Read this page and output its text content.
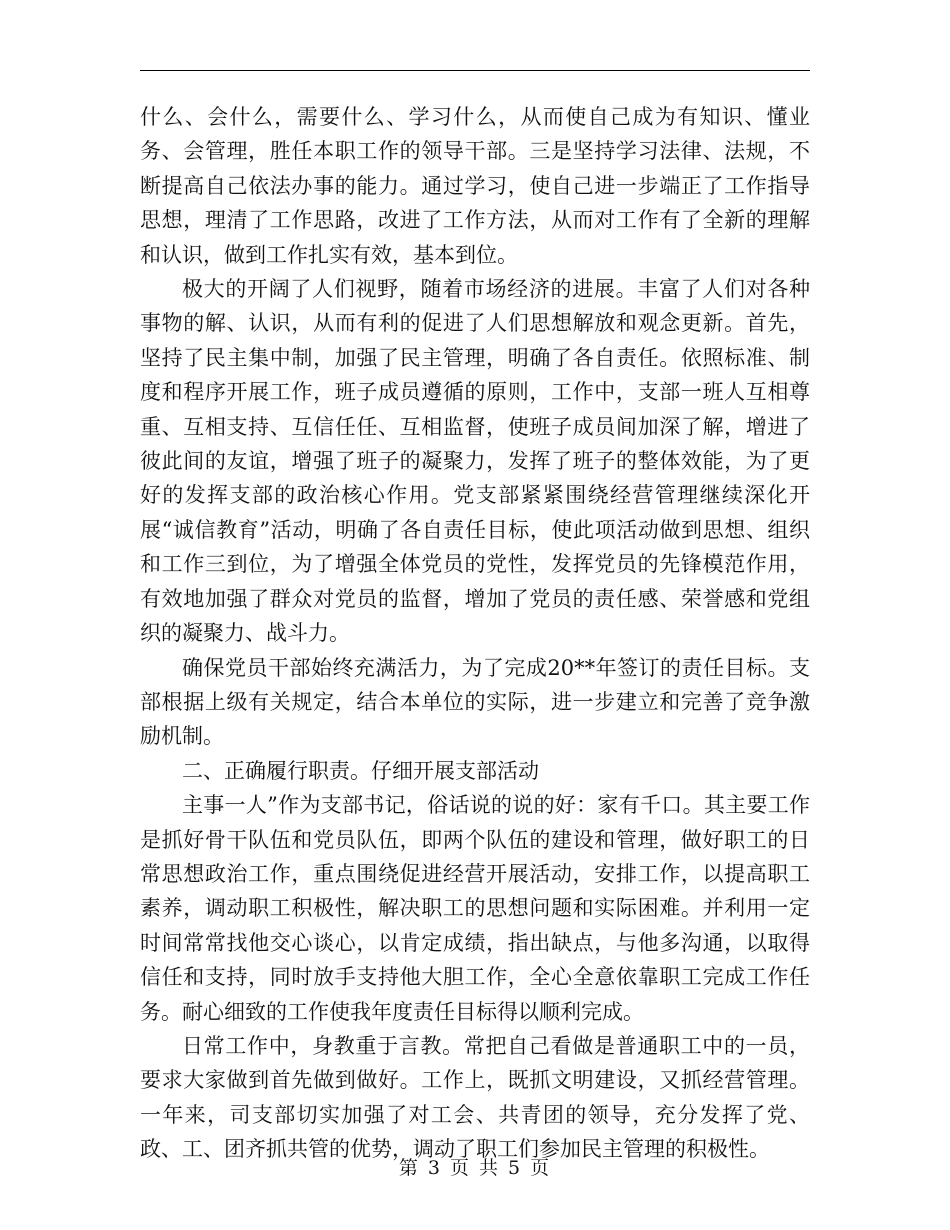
什么、会什么，需要什么、学习什么，从而使自己成为有知识、懂业务、会管理，胜任本职工作的领导干部。三是坚持学习法律、法规，不断提高自己依法办事的能力。通过学习，使自己进一步端正了工作指导思想，理清了工作思路，改进了工作方法，从而对工作有了全新的理解和认识，做到工作扎实有效，基本到位。

极大的开阔了人们视野，随着市场经济的进展。丰富了人们对各种事物的解、认识，从而有利的促进了人们思想解放和观念更新。首先，坚持了民主集中制，加强了民主管理，明确了各自责任。依照标准、制度和程序开展工作，班子成员遵循的原则，工作中，支部一班人互相尊重、互相支持、互信任任、互相监督，使班子成员间加深了解，增进了彼此间的友谊，增强了班子的凝聚力，发挥了班子的整体效能，为了更好的发挥支部的政治核心作用。党支部紧紧围绕经营管理继续深化开展“诚信教育”活动，明确了各自责任目标，使此项活动做到思想、组织和工作三到位，为了增强全体党员的党性，发挥党员的先锋模范作用，有效地加强了群众对党员的监督，增加了党员的责任感、荣誉感和党组织的凝聚力、战斗力。

确保党员干部始终充满活力，为了完成20**年签订的责任目标。支部根据上级有关规定，结合本单位的实际，进一步建立和完善了竞争激励机制。

二、正确履行职责。仔细开展支部活动

主事一人”作为支部书记，俗话说的说的好：家有千口。其主要工作是抓好骨干队伍和党员队伍，即两个队伍的建设和管理，做好职工的日常思想政治工作，重点围绕促进经营开展活动，安排工作，以提高职工素养，调动职工积极性，解决职工的思想问题和实际困难。并利用一定时间常常找他交心谈心，以肯定成绩，指出缺点，与他多沟通，以取得信任和支持，同时放手支持他大胆工作，全心全意依靠职工完成工作任务。耐心细致的工作使我年度责任目标得以顺利完成。

日常工作中，身教重于言教。常把自己看做是普通职工中的一员，要求大家做到首先做到做好。工作上，既抓文明建设，又抓经营管理。一年来，司支部切实加强了对工会、共青团的领导，充分发挥了党、政、工、团齐抓共管的优势，调动了职工们参加民主管理的积极性。

第 3 页 共 5 页
